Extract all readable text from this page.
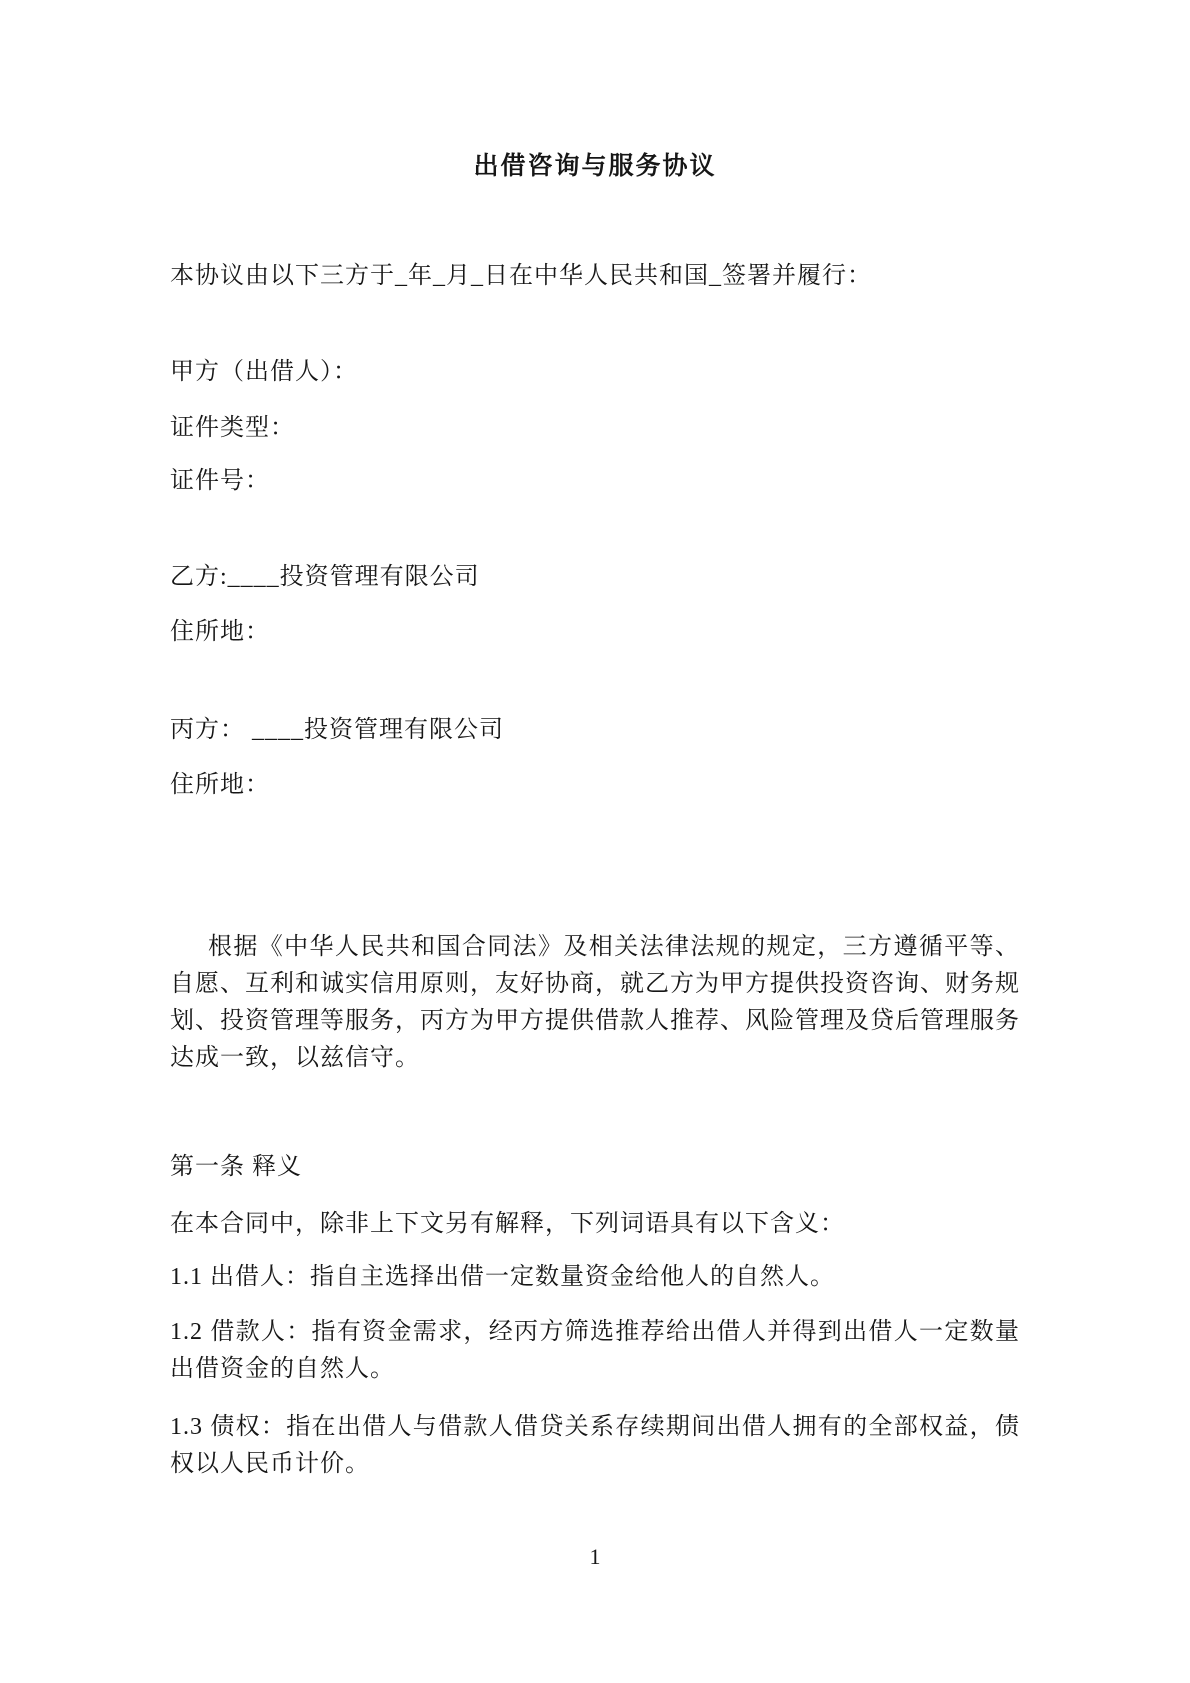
出借咨询与服务协议

本协议由以下三方于_年_月_日在中华人民共和国_签署并履行：

甲方（出借人）：

证件类型：

证件号：

乙方:____投资管理有限公司

住所地：

丙方： ____投资管理有限公司

住所地：

根据《中华人民共和国合同法》及相关法律法规的规定，三方遵循平等、自愿、互利和诚实信用原则，友好协商，就乙方为甲方提供投资咨询、财务规划、投资管理等服务，丙方为甲方提供借款人推荐、风险管理及贷后管理服务达成一致，以兹信守。

第一条 释义

在本合同中，除非上下文另有解释，下列词语具有以下含义：

1.1 出借人：指自主选择出借一定数量资金给他人的自然人。

1.2 借款人：指有资金需求，经丙方筛选推荐给出借人并得到出借人一定数量出借资金的自然人。

1.3 债权：指在出借人与借款人借贷关系存续期间出借人拥有的全部权益，债权以人民币计价。

1
